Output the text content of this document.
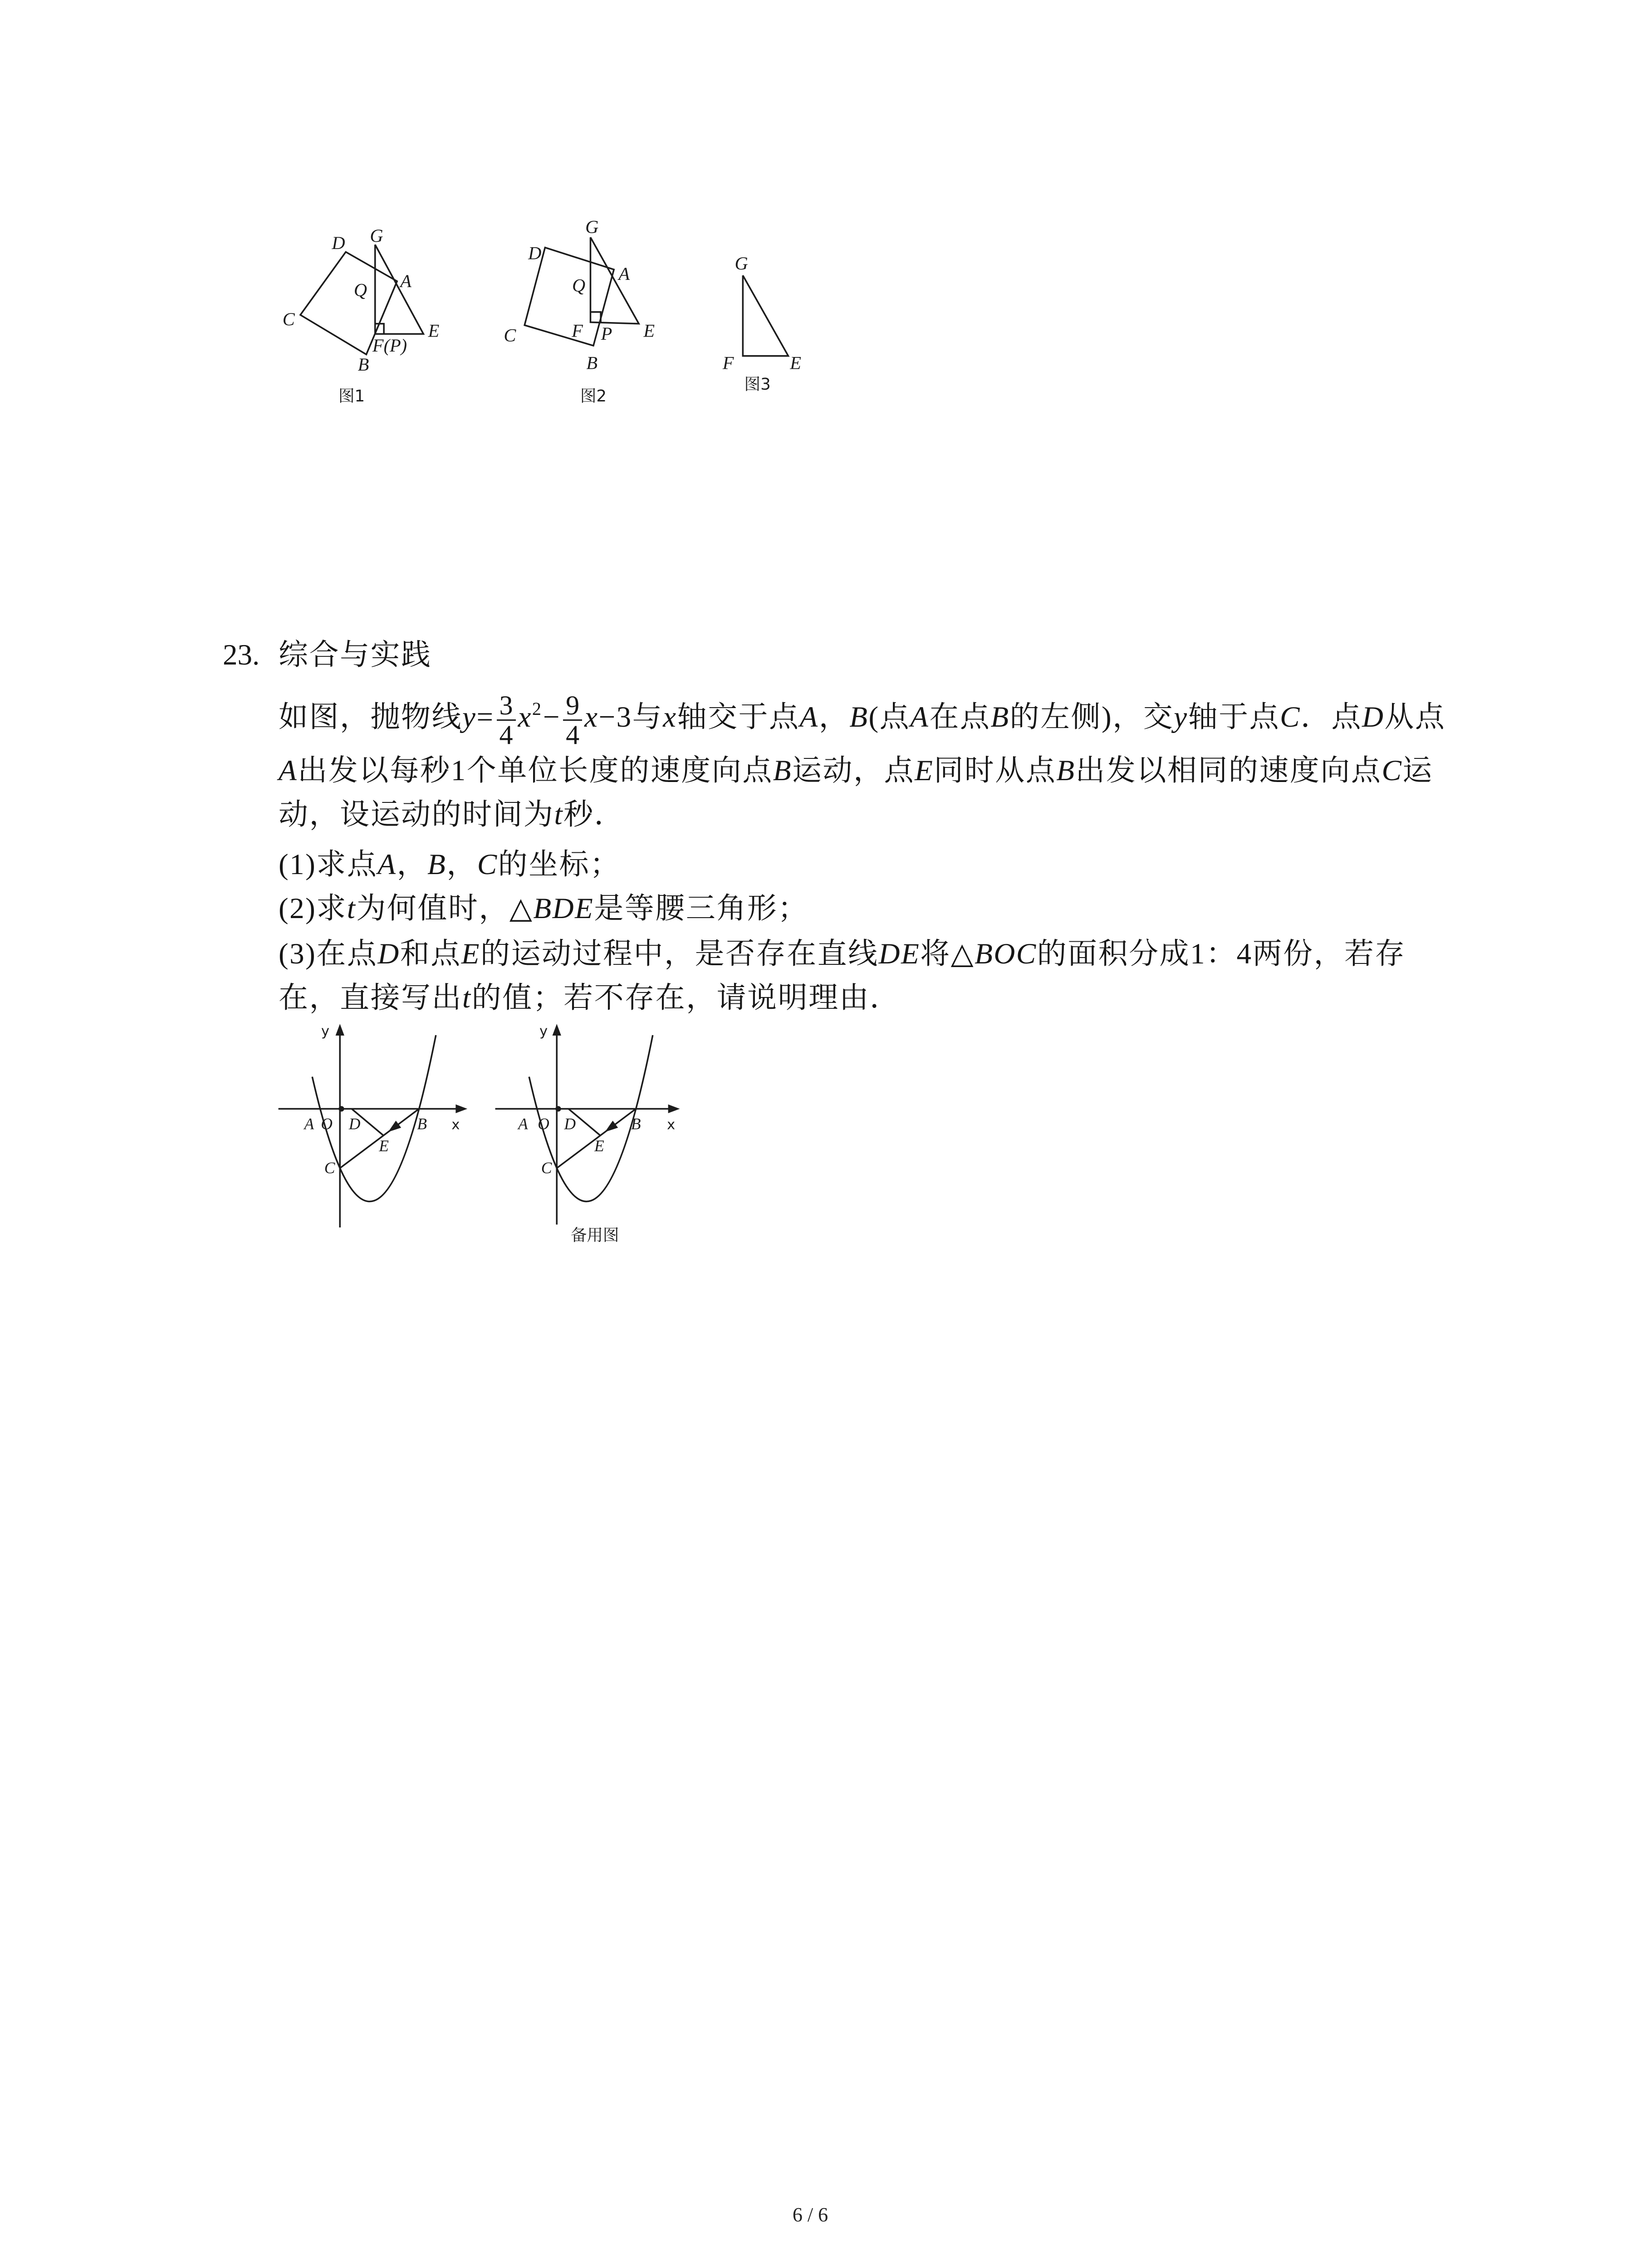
D	G
Q	A
C
E
F(P)
B
图1
G
D
Q
A
C	F	P	E
B
图2
G
F	E
图3
y
x
A O	D	B
E
C
y
x
A O	D	B
E
C
备用图
23. 综合与实践
如图，抛物线$y= \frac{3}{4} x^2- \frac{9}{4} x-3$与x轴交于点A，B(点A在点B的左侧)，交y轴于点C．点D从点
A出发以每秒1个单位长度的速度向点B运动，点E同时从点B出发以相同的速度向点C运
动，设运动的时间为t秒．
(1)求点A，B，C的坐标；
(2)求t为何值时，△BDE是等腰三角形；
(3)在点D和点E的运动过程中，是否存在直线DE将△BOC的面积分成1：4两份，若存
在，直接写出t的值；若不存在，请说明理由．
6 / 6
